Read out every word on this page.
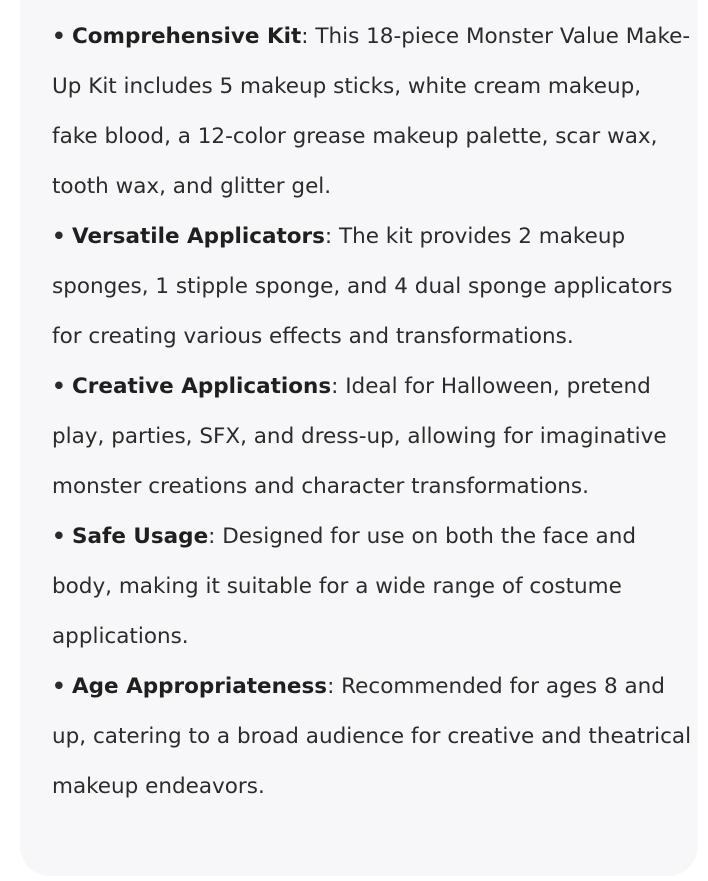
• Comprehensive Kit: This 18-piece Monster Value Make-Up Kit includes 5 makeup sticks, white cream makeup, fake blood, a 12-color grease makeup palette, scar wax, tooth wax, and glitter gel.
• Versatile Applicators: The kit provides 2 makeup sponges, 1 stipple sponge, and 4 dual sponge applicators for creating various effects and transformations.
• Creative Applications: Ideal for Halloween, pretend play, parties, SFX, and dress-up, allowing for imaginative monster creations and character transformations.
• Safe Usage: Designed for use on both the face and body, making it suitable for a wide range of costume applications.
• Age Appropriateness: Recommended for ages 8 and up, catering to a broad audience for creative and theatrical makeup endeavors.
